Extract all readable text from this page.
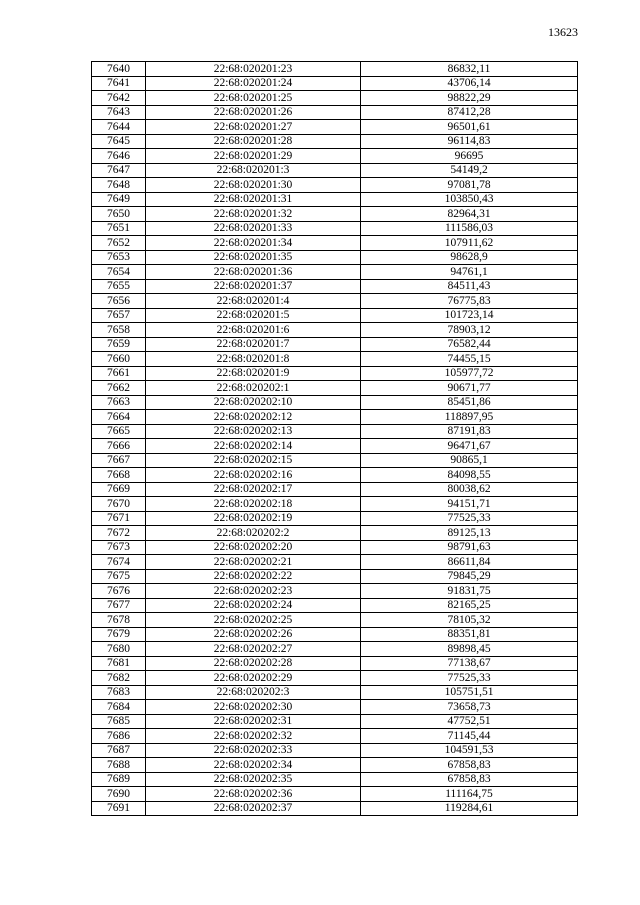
13623
7640	22:68:020201:23	86832,11
7641	22:68:020201:24	43706,14
7642	22:68:020201:25	98822,29
7643	22:68:020201:26	87412,28
7644	22:68:020201:27	96501,61
7645	22:68:020201:28	96114,83
7646	22:68:020201:29	96695
7647	22:68:020201:3	54149,2
7648	22:68:020201:30	97081,78
7649	22:68:020201:31	103850,43
7650	22:68:020201:32	82964,31
7651	22:68:020201:33	111586,03
7652	22:68:020201:34	107911,62
7653	22:68:020201:35	98628,9
7654	22:68:020201:36	94761,1
7655	22:68:020201:37	84511,43
7656	22:68:020201:4	76775,83
7657	22:68:020201:5	101723,14
7658	22:68:020201:6	78903,12
7659	22:68:020201:7	76582,44
7660	22:68:020201:8	74455,15
7661	22:68:020201:9	105977,72
7662	22:68:020202:1	90671,77
7663	22:68:020202:10	85451,86
7664	22:68:020202:12	118897,95
7665	22:68:020202:13	87191,83
7666	22:68:020202:14	96471,67
7667	22:68:020202:15	90865,1
7668	22:68:020202:16	84098,55
7669	22:68:020202:17	80038,62
7670	22:68:020202:18	94151,71
7671	22:68:020202:19	77525,33
7672	22:68:020202:2	89125,13
7673	22:68:020202:20	98791,63
7674	22:68:020202:21	86611,84
7675	22:68:020202:22	79845,29
7676	22:68:020202:23	91831,75
7677	22:68:020202:24	82165,25
7678	22:68:020202:25	78105,32
7679	22:68:020202:26	88351,81
7680	22:68:020202:27	89898,45
7681	22:68:020202:28	77138,67
7682	22:68:020202:29	77525,33
7683	22:68:020202:3	105751,51
7684	22:68:020202:30	73658,73
7685	22:68:020202:31	47752,51
7686	22:68:020202:32	71145,44
7687	22:68:020202:33	104591,53
7688	22:68:020202:34	67858,83
7689	22:68:020202:35	67858,83
7690	22:68:020202:36	111164,75
7691	22:68:020202:37	119284,61
